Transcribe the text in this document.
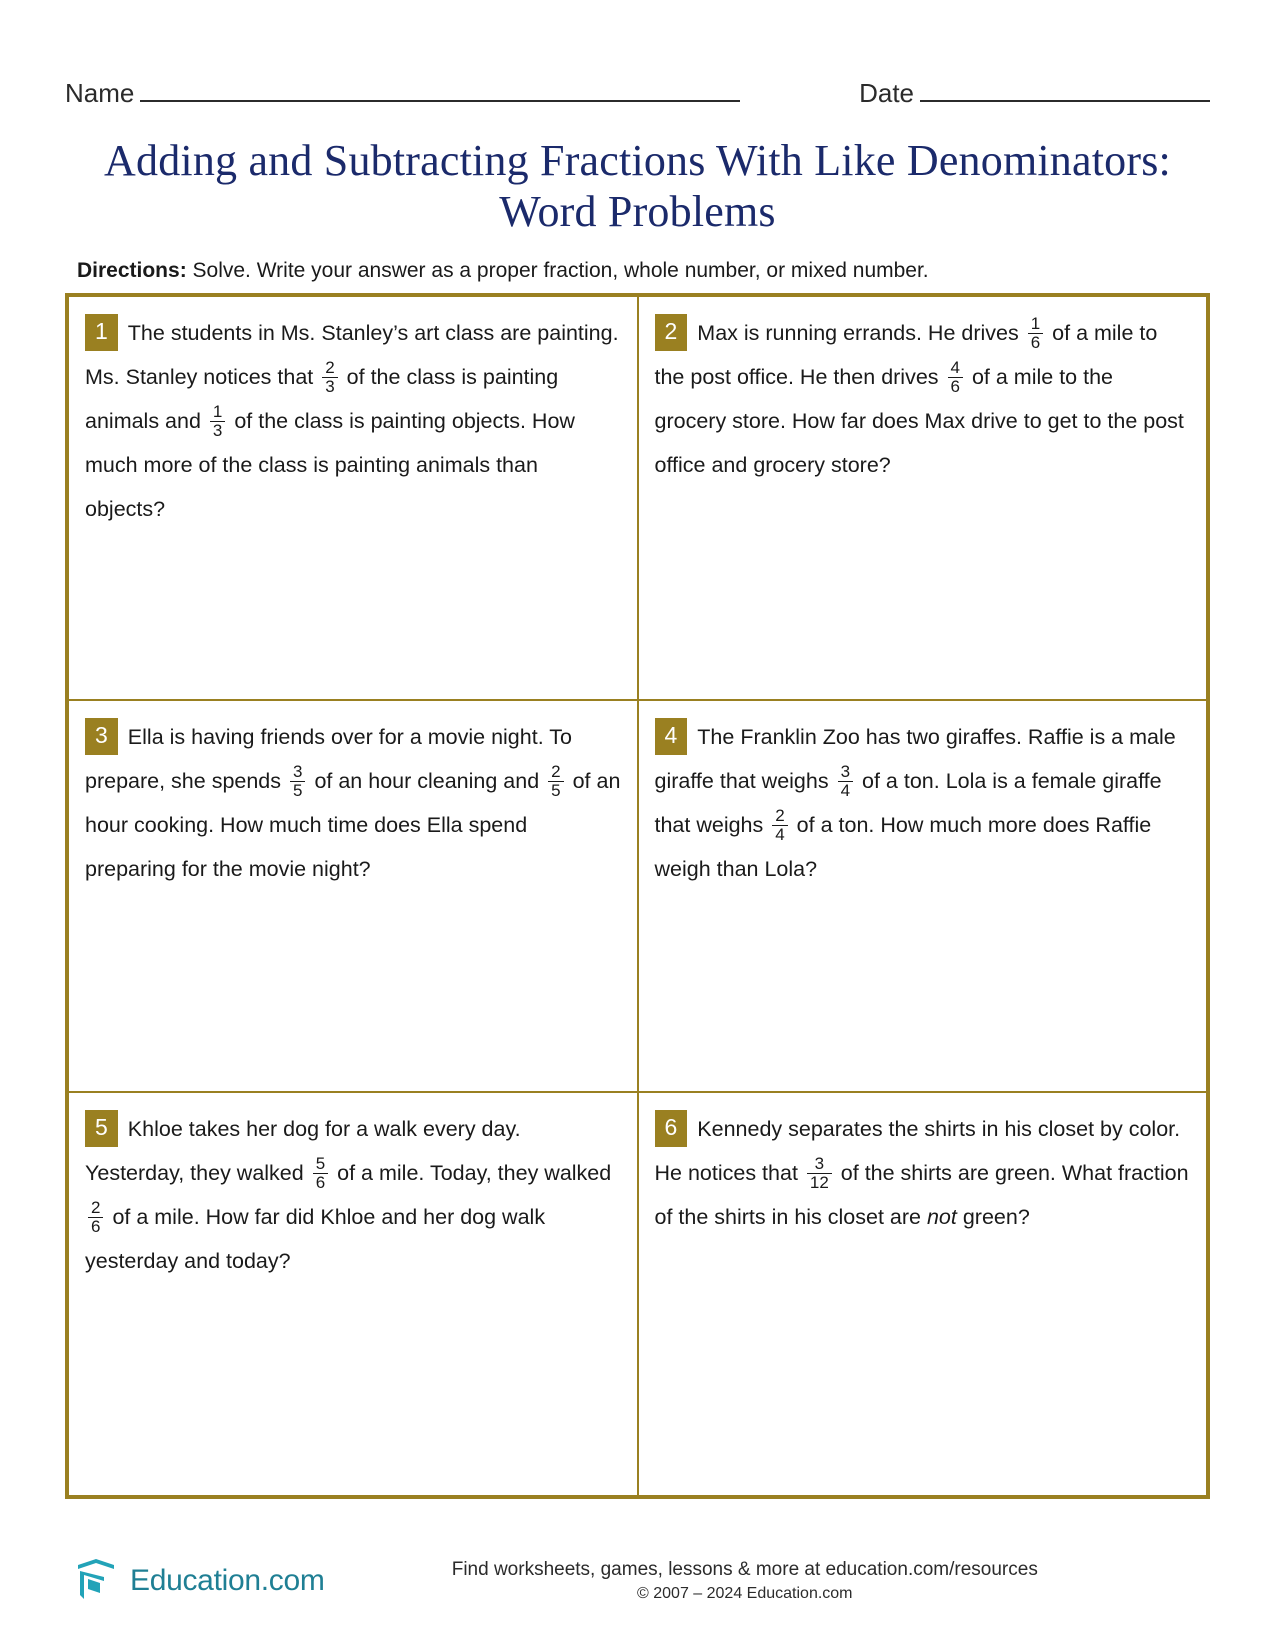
Name	Date
Adding and Subtracting Fractions With Like Denominators: Word Problems
Directions: Solve. Write your answer as a proper fraction, whole number, or mixed number.
1 The students in Ms. Stanley’s art class are painting. Ms. Stanley notices that $\frac{2}{3}$ of the class is painting animals and $\frac{1}{3}$ of the class is painting objects. How much more of the class is painting animals than objects?
2 Max is running errands. He drives $\frac{1}{6}$ of a mile to the post office. He then drives $\frac{4}{6}$ of a mile to the grocery store. How far does Max drive to get to the post office and grocery store?
3 Ella is having friends over for a movie night. To prepare, she spends $\frac{3}{5}$ of an hour cleaning and $\frac{2}{5}$ of an hour cooking. How much time does Ella spend preparing for the movie night?
4 The Franklin Zoo has two giraffes. Raffie is a male giraffe that weighs $\frac{3}{4}$ of a ton. Lola is a female giraffe that weighs $\frac{2}{4}$ of a ton. How much more does Raffie weigh than Lola?
5 Khloe takes her dog for a walk every day. Yesterday, they walked $\frac{5}{6}$ of a mile. Today, they walked
$\frac{2}{6}$ of a mile. How far did Khloe and her dog walk yesterday and today?
6 Kennedy separates the shirts in his closet by color. He notices that $\frac{3}{12}$ of the shirts are green. What fraction of the shirts in his closet are not green?
Education.com	Find worksheets, games, lessons & more at education.com/resources
© 2007 – 2024 Education.com
